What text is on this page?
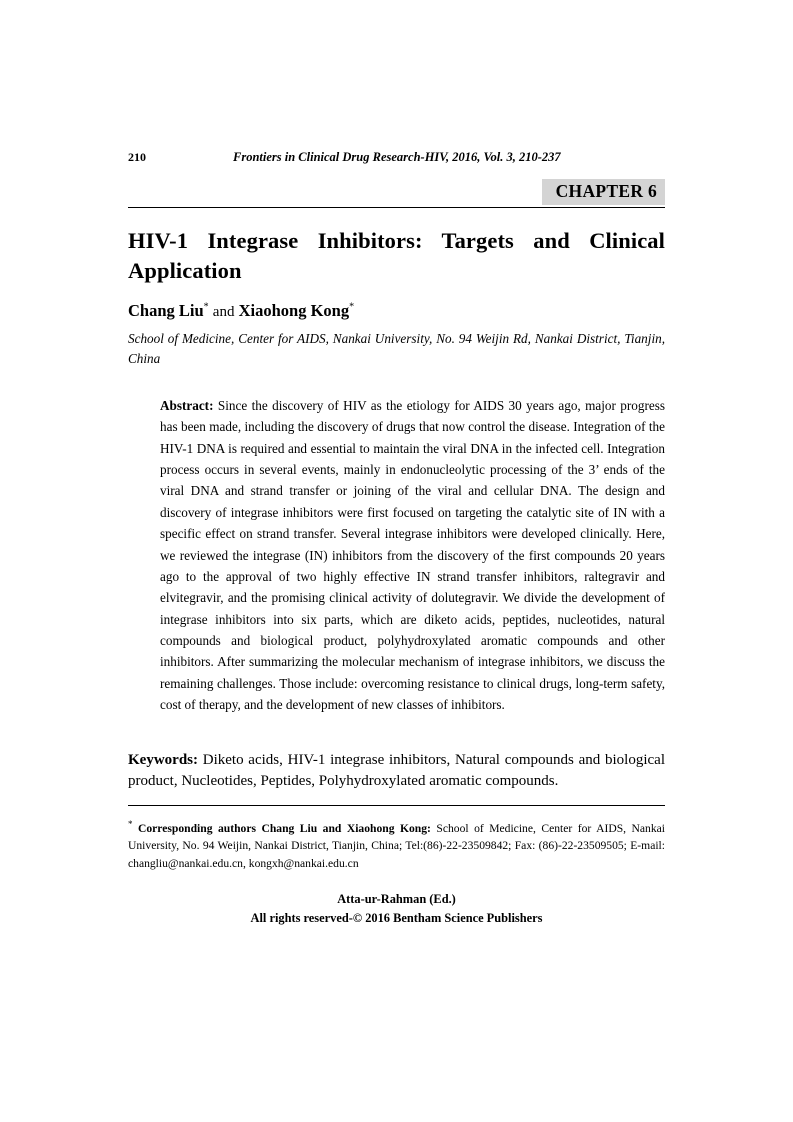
210	Frontiers in Clinical Drug Research-HIV, 2016, Vol. 3, 210-237
CHAPTER 6
HIV-1 Integrase Inhibitors: Targets and Clinical
Application

Chang Liu* and Xiaohong Kong*

School of Medicine, Center for AIDS, Nankai University, No. 94 Weijin Rd, Nankai District, Tianjin, China

Abstract: Since the discovery of HIV as the etiology for AIDS 30 years ago, major progress has been made, including the discovery of drugs that now control the disease. Integration of the HIV-1 DNA is required and essential to maintain the viral DNA in the infected cell. Integration process occurs in several events, mainly in endonucleolytic processing of the 3’ ends of the viral DNA and strand transfer or joining of the viral and cellular DNA. The design and discovery of integrase inhibitors were first focused on targeting the catalytic site of IN with a specific effect on strand transfer. Several integrase inhibitors were developed clinically. Here, we reviewed the integrase (IN) inhibitors from the discovery of the first compounds 20 years ago to the approval of two highly effective IN strand transfer inhibitors, raltegravir and elvitegravir, and the promising clinical activity of dolutegravir. We divide the development of integrase inhibitors into six parts, which are diketo acids, peptides, nucleotides, natural compounds and biological product, polyhydroxylated aromatic compounds and other inhibitors. After summarizing the molecular mechanism of integrase inhibitors, we discuss the remaining challenges. Those include: overcoming resistance to clinical drugs, long-term safety, cost of therapy, and the development of new classes of inhibitors.

Keywords: Diketo acids, HIV-1 integrase inhibitors, Natural compounds and biological product, Nucleotides, Peptides, Polyhydroxylated aromatic compounds.

* Corresponding authors Chang Liu and Xiaohong Kong: School of Medicine, Center for AIDS, Nankai University, No. 94 Weijin, Nankai District, Tianjin, China; Tel:(86)-22-23509842; Fax: (86)-22-23509505; E-mail: changliu@nankai.edu.cn, kongxh@nankai.edu.cn

Atta-ur-Rahman (Ed.)
All rights reserved-© 2016 Bentham Science Publishers
